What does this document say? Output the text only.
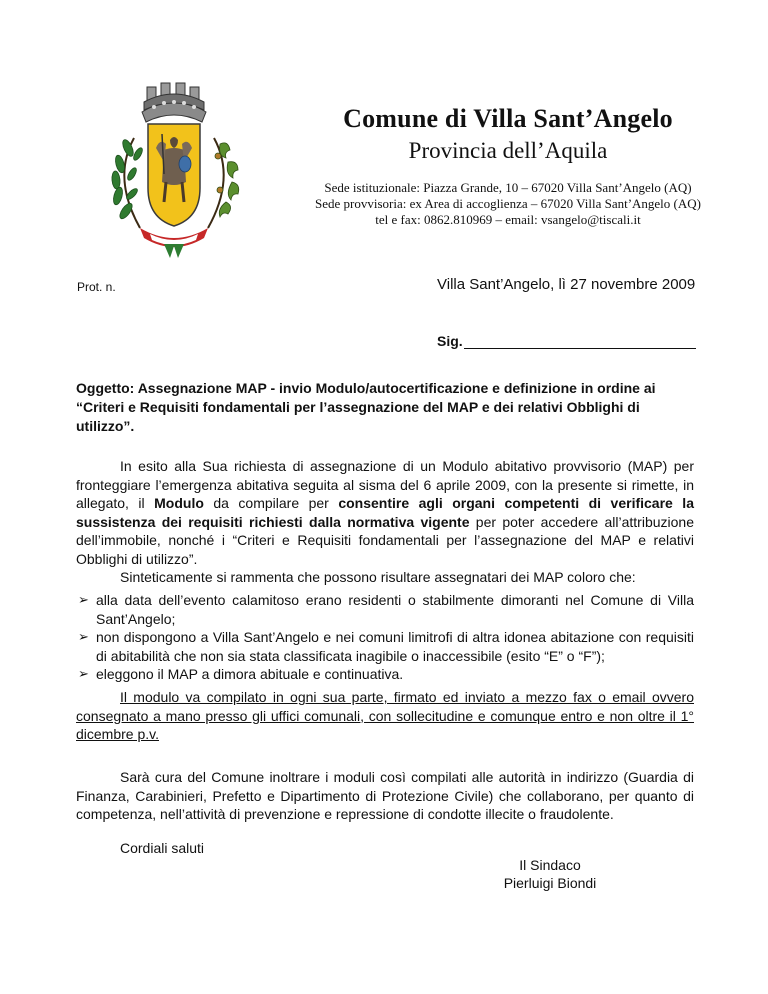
Comune di Villa Sant’Angelo
Provincia dell’Aquila
Sede istituzionale: Piazza Grande, 10 – 67020 Villa Sant’Angelo (AQ)
Sede provvisoria: ex Area di accoglienza – 67020 Villa Sant’Angelo (AQ)
tel e fax: 0862.810969 – email: vsangelo@tiscali.it
Prot. n.	Villa Sant’Angelo, lì 27 novembre 2009
Sig.
Oggetto: Assegnazione MAP - invio Modulo/autocertificazione e definizione in ordine ai “Criteri e Requisiti fondamentali per l’assegnazione del MAP e dei relativi Obblighi di utilizzo”.
In esito alla Sua richiesta di assegnazione di un Modulo abitativo provvisorio (MAP) per fronteggiare l’emergenza abitativa seguita al sisma del 6 aprile 2009, con la presente si rimette, in allegato, il Modulo da compilare per consentire agli organi competenti di verificare la sussistenza dei requisiti richiesti dalla normativa vigente per poter accedere all’attribuzione dell’immobile, nonché i “Criteri e Requisiti fondamentali per l’assegnazione del MAP e relativi Obblighi di utilizzo”.
Sinteticamente si rammenta che possono risultare assegnatari dei MAP coloro che:
➢ alla data dell’evento calamitoso erano residenti o stabilmente dimoranti nel Comune di Villa Sant’Angelo;
➢ non dispongono a Villa Sant’Angelo e nei comuni limitrofi di altra idonea abitazione con requisiti di abitabilità che non sia stata classificata inagibile o inaccessibile (esito “E” o “F”);
➢ eleggono il MAP a dimora abituale e continuativa.
Il modulo va compilato in ogni sua parte, firmato ed inviato a mezzo fax o email ovvero consegnato a mano presso gli uffici comunali, con sollecitudine e comunque entro e non oltre il 1° dicembre p.v.
Sarà cura del Comune inoltrare i moduli così compilati alle autorità in indirizzo (Guardia di Finanza, Carabinieri, Prefetto e Dipartimento di Protezione Civile) che collaborano, per quanto di competenza, nell’attività di prevenzione e repressione di condotte illecite o fraudolente.
Cordiali saluti
Il Sindaco
Pierluigi Biondi
